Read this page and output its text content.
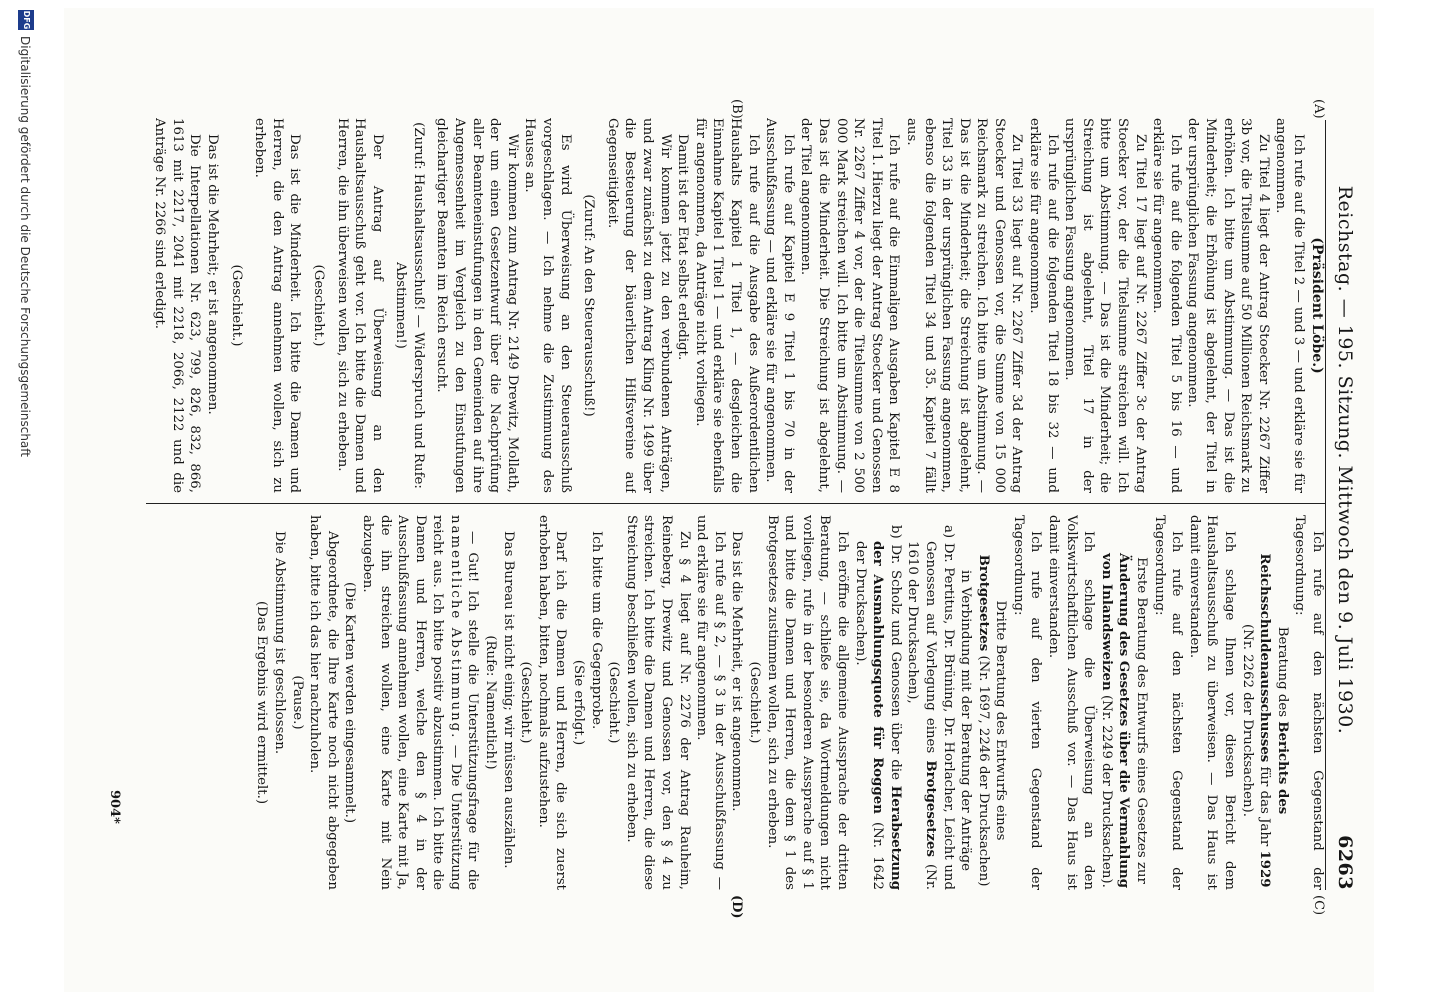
Reichstag. — 195. Sitzung. Mittwoch den 9. Juli 1930.
6263
(A)
(B)
(C)
(D)
(Präsident Löbe.)

Ich rufe auf die Titel 2 — und 3 — und erkläre sie für angenommen.

Zu Titel 4 liegt der Antrag Stoecker Nr. 2267 Ziffer 3b vor, die Titelsumme auf 50 Millionen Reichsmark zu erhöhen. Ich bitte um Abstimmung. — Das ist die Minderheit; die Erhöhung ist abgelehnt, der Titel in der ursprünglichen Fassung angenommen.

Ich rufe auf die folgenden Titel 5 bis 16 — und erkläre sie für angenommen.

Zu Titel 17 liegt auf Nr. 2267 Ziffer 3c der Antrag Stoecker vor, der die Titelsumme streichen will. Ich bitte um Abstimmung. — Das ist die Minderheit; die Streichung ist abgelehnt, Titel 17 in der ursprünglichen Fassung angenommen.

Ich rufe auf die folgenden Titel 18 bis 32 — und erkläre sie für angenommen.

Zu Titel 33 liegt auf Nr. 2267 Ziffer 3d der Antrag Stoecker und Genossen vor, die Summe von 15 000 Reichsmark zu streichen. Ich bitte um Abstimmung. — Das ist die Minderheit; die Streichung ist abgelehnt, Titel 33 in der ursprünglichen Fassung angenommen, ebenso die folgenden Titel 34 und 35. Kapitel 7 fällt aus.

Ich rufe auf die Einmaligen Ausgaben Kapitel E 8 Titel 1. Hierzu liegt der Antrag Stoecker und Genossen Nr. 2267 Ziffer 4 vor, der die Titelsumme von 2 500 000 Mark streichen will. Ich bitte um Abstimmung. — Das ist die Minderheit. Die Streichung ist abgelehnt, der Titel angenommen.

Ich rufe auf Kapitel E 9 Titel 1 bis 70 in der Ausschußfassung — und erkläre sie für angenommen.

Ich rufe auf die Ausgabe des Außerordentlichen Haushalts Kapitel 1 Titel 1, — desgleichen die Einnahme Kapitel 1 Titel 1 — und erkläre sie ebenfalls für angenommen, da Anträge nicht vorliegen.

Damit ist der Etat selbst erledigt.

Wir kommen jetzt zu den verbundenen Anträgen, und zwar zunächst zu dem Antrag Kling Nr. 1499 über die Besteuerung der bäuerlichen Hilfsvereine auf Gegenseitigkeit.

(Zuruf: An den Steuerausschuß!)

Es wird Überweisung an den Steuerausschuß vorgeschlagen. — Ich nehme die Zustimmung des Hauses an.

Wir kommen zum Antrag Nr. 2149 Drewitz, Mollath, der um einen Gesetzentwurf über die Nachprüfung aller Beamteneinstufungen in den Gemeinden auf ihre Angemessenheit im Vergleich zu den Einstufungen gleichartiger Beamten im Reich ersucht.

(Zuruf: Haushaltsausschuß! — Widerspruch und Rufe: Abstimmen!)

Der Antrag auf Überweisung an den Haushaltsausschuß geht vor. Ich bitte die Damen und Herren, die ihn überweisen wollen, sich zu erheben.

(Geschieht.)

Das ist die Minderheit. Ich bitte die Damen und Herren, die den Antrag annehmen wollen, sich zu erheben.

(Geschieht.)

Das ist die Mehrheit; er ist angenommen.

Die Interpellationen Nr. 623, 799, 826, 832, 866, 1613 mit 2217, 2041 mit 2218, 2066, 2122 und die Anträge Nr. 2266 sind erledigt.

Ich rufe auf den nächsten Gegenstand der Tagesordnung:

Beratung des Berichts des Reichsschuldenausschusses für das Jahr 1929 (Nr. 2262 der Drucksachen).

Ich schlage Ihnen vor, diesen Bericht dem Haushaltsausschuß zu überweisen. — Das Haus ist damit einverstanden.

Ich rufe auf den nächsten Gegenstand der Tagesordnung:

Erste Beratung des Entwurfs eines Gesetzes zur Änderung des Gesetzes über die Vermahlung von Inlandsweizen (Nr. 2249 der Drucksachen).

Ich schlage die Überweisung an den Volkswirtschaftlichen Ausschuß vor. — Das Haus ist damit einverstanden.

Ich rufe auf den vierten Gegenstand der Tagesordnung:

Dritte Beratung des Entwurfs eines Brotgesetzes (Nr. 1697, 2246 der Drucksachen) in Verbindung mit der Beratung der Anträge

a) Dr. Pertitus, Dr. Brüning, Dr. Horlacher, Leicht und Genossen auf Vorlegung eines Brotgesetzes (Nr. 1610 der Drucksachen),

b) Dr. Scholz und Genossen über die Herabsetzung der Ausmahlungsquote für Roggen (Nr. 1642 der Drucksachen).

Ich eröffne die allgemeine Aussprache der dritten Beratung, — schließe sie, da Wortmeldungen nicht vorliegen, rufe in der besonderen Aussprache auf § 1 und bitte die Damen und Herren, die dem § 1 des Brotgesetzes zustimmen wollen, sich zu erheben.

(Geschieht.)

Das ist die Mehrheit, er ist angenommen.

Ich rufe auf § 2, — § 3 in der Ausschußfassung — und erkläre sie für angenommen.

Zu § 4 liegt auf Nr. 2276 der Antrag Rauheim, Reineberg, Drewitz und Genossen vor, den § 4 zu streichen. Ich bitte die Damen und Herren, die diese Streichung beschließen wollen, sich zu erheben.

(Geschieht.)

Ich bitte um die Gegenprobe.

(Sie erfolgt.)

Darf ich die Damen und Herren, die sich zuerst erhoben haben, bitten, nochmals aufzustehen.

(Geschieht.)

Das Bureau ist nicht einig; wir müssen auszählen.

(Rufe: Namentlich!)

— Gut! Ich stelle die Unterstützungsfrage für die namentliche Abstimmung. — Die Unterstützung reicht aus. Ich bitte positiv abzustimmen. Ich bitte die Damen und Herren, welche den § 4 in der Ausschußfassung annehmen wollen, eine Karte mit Ja, die ihn streichen wollen, eine Karte mit Nein abzugeben.

(Die Karten werden eingesammelt.)

Abgeordnete, die Ihre Karte noch nicht abgegeben haben, bitte ich das hier nachzuholen.

(Pause.)

Die Abstimmung ist geschlossen.

(Das Ergebnis wird ermittelt.)

904*
DFG
Digitalisierung gefördert durch die Deutsche Forschungsgemeinschaft
